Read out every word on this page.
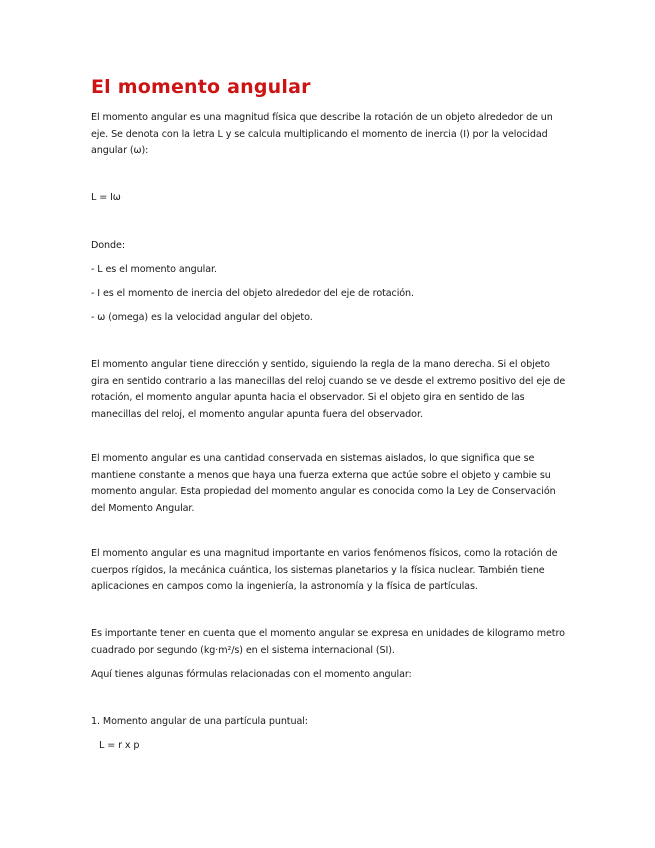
El momento angular

El momento angular es una magnitud física que describe la rotación de un objeto alrededor de un eje. Se denota con la letra L y se calcula multiplicando el momento de inercia (I) por la velocidad angular (ω):

L = Iω

Donde:

- L es el momento angular.

- I es el momento de inercia del objeto alrededor del eje de rotación.

- ω (omega) es la velocidad angular del objeto.

El momento angular tiene dirección y sentido, siguiendo la regla de la mano derecha. Si el objeto gira en sentido contrario a las manecillas del reloj cuando se ve desde el extremo positivo del eje de rotación, el momento angular apunta hacia el observador. Si el objeto gira en sentido de las manecillas del reloj, el momento angular apunta fuera del observador.

El momento angular es una cantidad conservada en sistemas aislados, lo que significa que se mantiene constante a menos que haya una fuerza externa que actúe sobre el objeto y cambie su momento angular. Esta propiedad del momento angular es conocida como la Ley de Conservación del Momento Angular.

El momento angular es una magnitud importante en varios fenómenos físicos, como la rotación de cuerpos rígidos, la mecánica cuántica, los sistemas planetarios y la física nuclear. También tiene aplicaciones en campos como la ingeniería, la astronomía y la física de partículas.

Es importante tener en cuenta que el momento angular se expresa en unidades de kilogramo metro cuadrado por segundo (kg·m²/s) en el sistema internacional (SI).

Aquí tienes algunas fórmulas relacionadas con el momento angular:

1. Momento angular de una partícula puntual:

L = r x p
